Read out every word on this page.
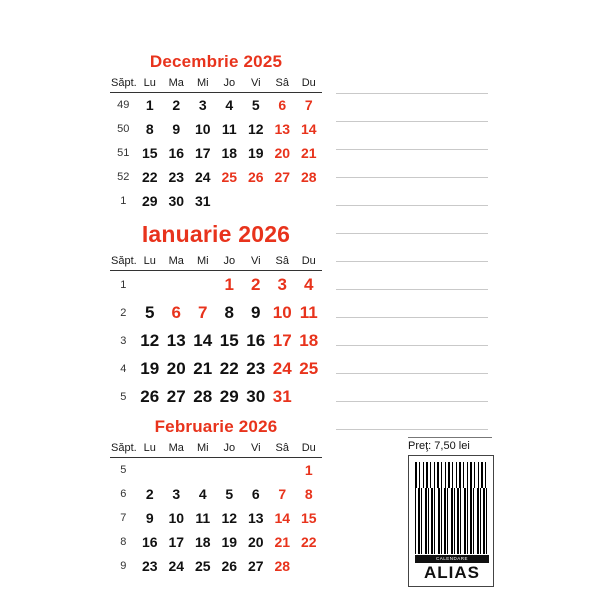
Decembrie 2025
Săpt.	Lu	Ma	Mi	Jo	Vi	Sâ	Du
49	1	2	3	4	5	6	7
50	8	9	10	11	12	13	14
51	15	16	17	18	19	20	21
52	22	23	24	25	26	27	28
1	29	30	31				
Ianuarie 2026
Săpt.	Lu	Ma	Mi	Jo	Vi	Sâ	Du
1				1	2	3	4
2	5	6	7	8	9	10	11
3	12	13	14	15	16	17	18
4	19	20	21	22	23	24	25
5	26	27	28	29	30	31	
Februarie 2026
Săpt.	Lu	Ma	Mi	Jo	Vi	Sâ	Du
5							1
6	2	3	4	5	6	7	8
7	9	10	11	12	13	14	15
8	16	17	18	19	20	21	22
9	23	24	25	26	27	28	
Preţ: 7,50 lei
CALENDARE
ALIAS
